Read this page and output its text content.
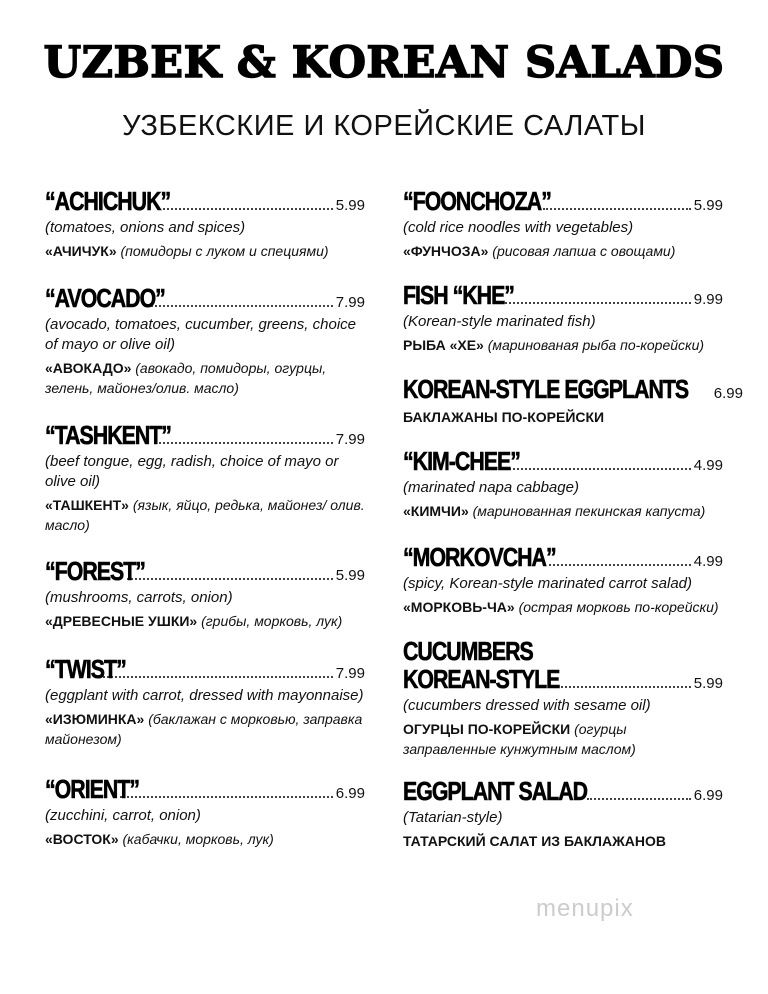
UZBEK & KOREAN SALADS
УЗБЕКСКИЕ И КОРЕЙСКИЕ САЛАТЫ
“ACHICHUK”	5.99
(tomatoes, onions and spices)
«АЧИЧУК» (помидоры с луком и специями)
“AVOCADO”	7.99
(avocado, tomatoes, cucumber, greens, choice of mayo or olive oil)
«АВОКАДО» (авокадо, помидоры, огурцы, зелень, майонез/олив. масло)
“TASHKENT”	7.99
(beef tongue, egg, radish, choice of mayo or olive oil)
«ТАШКЕНТ» (язык, яйцо, редька, майонез/ олив. масло)
“FOREST”	5.99
(mushrooms, carrots, onion)
«ДРЕВЕСНЫЕ УШКИ» (грибы, морковь, лук)
“TWIST”	7.99
(eggplant with carrot, dressed with mayonnaise)
«ИЗЮМИНКА» (баклажан с морковью, заправка майонезом)
“ORIENT”	6.99
(zucchini, carrot, onion)
«ВОСТОК» (кабачки, морковь, лук)
“FOONCHOZA”	5.99
(cold rice noodles with vegetables)
«ФУНЧОЗА» (рисовая лапша с овощами)
FISH “KHE”	9.99
(Korean-style marinated fish)
РЫБА «ХЕ» (маринованая рыба по-корейски)
KOREAN-STYLE EGGPLANTS 6.99
БАКЛАЖАНЫ ПО-КОРЕЙСКИ
“KIM-CHEE”	4.99
(marinated napa cabbage)
«КИМЧИ» (маринованная пекинская капуста)
“MORKOVCHA”	4.99
(spicy, Korean-style marinated carrot salad)
«МОРКОВЬ-ЧА» (острая морковь по-корейски)
CUCUMBERS
KOREAN-STYLE	5.99
(cucumbers dressed with sesame oil)
ОГУРЦЫ ПО-КОРЕЙСКИ (огурцы заправленные кунжутным маслом)
EGGPLANT SALAD	6.99
(Tatarian-style)
ТАТАРСКИЙ САЛАТ ИЗ БАКЛАЖАНОВ
menupix
